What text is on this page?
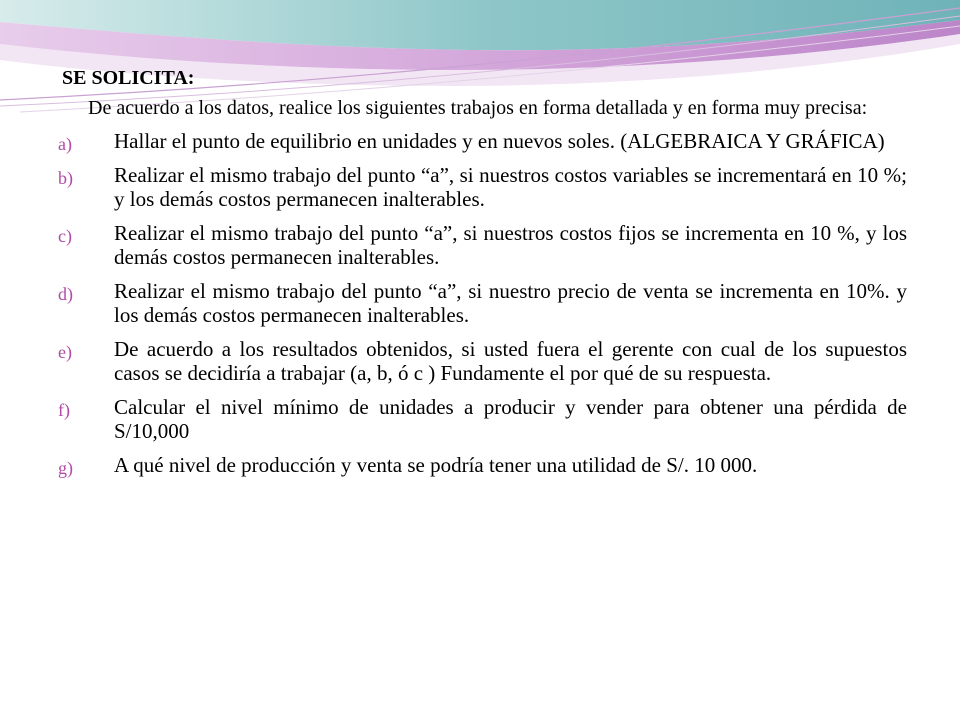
SE SOLICITA:
De acuerdo a los datos, realice los siguientes trabajos en forma detallada y en forma muy precisa:
a) Hallar el punto de equilibrio en unidades y en nuevos soles. (ALGEBRAICA Y GRÁFICA)
b) Realizar el mismo trabajo del punto “a”, si nuestros costos variables se incrementará en 10 %; y los demás costos permanecen inalterables.
c) Realizar el mismo trabajo del punto “a”, si nuestros costos fijos se incrementa en 10 %, y los demás costos permanecen inalterables.
d) Realizar el mismo trabajo del punto “a”, si nuestro precio de venta se incrementa en 10%. y los demás costos permanecen inalterables.
e) De acuerdo a los resultados obtenidos, si usted fuera el gerente con cual de los supuestos casos se decidiría a trabajar (a, b, ó c ) Fundamente el por qué de su respuesta.
f) Calcular el nivel mínimo de unidades a producir y vender para obtener una pérdida de S/10,000
g) A qué nivel de producción y venta se podría tener una utilidad de S/. 10 000.
